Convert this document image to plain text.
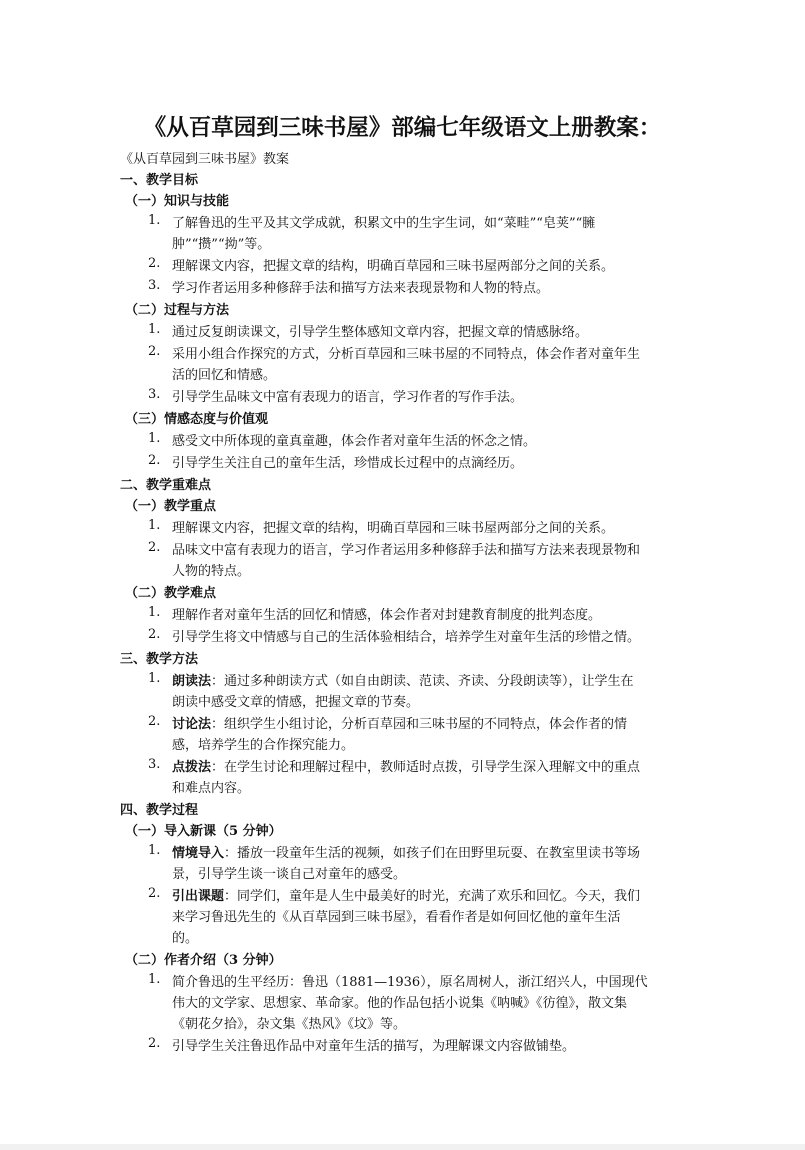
《从百草园到三味书屋》部编七年级语文上册教案：
《从百草园到三味书屋》教案
一、教学目标
（一）知识与技能
1. 了解鲁迅的生平及其文学成就，积累文中的生字生词，如“菜畦”“皂荚”“臃
肿”“攒”“拗”等。
2. 理解课文内容，把握文章的结构，明确百草园和三味书屋两部分之间的关系。
3. 学习作者运用多种修辞手法和描写方法来表现景物和人物的特点。
（二）过程与方法
1. 通过反复朗读课文，引导学生整体感知文章内容，把握文章的情感脉络。
2. 采用小组合作探究的方式，分析百草园和三味书屋的不同特点，体会作者对童年生
活的回忆和情感。
3. 引导学生品味文中富有表现力的语言，学习作者的写作手法。
（三）情感态度与价值观
1. 感受文中所体现的童真童趣，体会作者对童年生活的怀念之情。
2. 引导学生关注自己的童年生活，珍惜成长过程中的点滴经历。
二、教学重难点
（一）教学重点
1. 理解课文内容，把握文章的结构，明确百草园和三味书屋两部分之间的关系。
2. 品味文中富有表现力的语言，学习作者运用多种修辞手法和描写方法来表现景物和
人物的特点。
（二）教学难点
1. 理解作者对童年生活的回忆和情感，体会作者对封建教育制度的批判态度。
2. 引导学生将文中情感与自己的生活体验相结合，培养学生对童年生活的珍惜之情。
三、教学方法
1. 朗读法：通过多种朗读方式（如自由朗读、范读、齐读、分段朗读等），让学生在
朗读中感受文章的情感，把握文章的节奏。
2. 讨论法：组织学生小组讨论，分析百草园和三味书屋的不同特点，体会作者的情
感，培养学生的合作探究能力。
3. 点拨法：在学生讨论和理解过程中，教师适时点拨，引导学生深入理解文中的重点
和难点内容。
四、教学过程
（一）导入新课（5 分钟）
1. 情境导入：播放一段童年生活的视频，如孩子们在田野里玩耍、在教室里读书等场
景，引导学生谈一谈自己对童年的感受。
2. 引出课题：同学们，童年是人生中最美好的时光，充满了欢乐和回忆。今天，我们
来学习鲁迅先生的《从百草园到三味书屋》，看看作者是如何回忆他的童年生活
的。
（二）作者介绍（3 分钟）
1. 简介鲁迅的生平经历：鲁迅（1881—1936），原名周树人，浙江绍兴人，中国现代
伟大的文学家、思想家、革命家。他的作品包括小说集《呐喊》《彷徨》，散文集
《朝花夕拾》，杂文集《热风》《坟》等。
2. 引导学生关注鲁迅作品中对童年生活的描写，为理解课文内容做铺垫。
